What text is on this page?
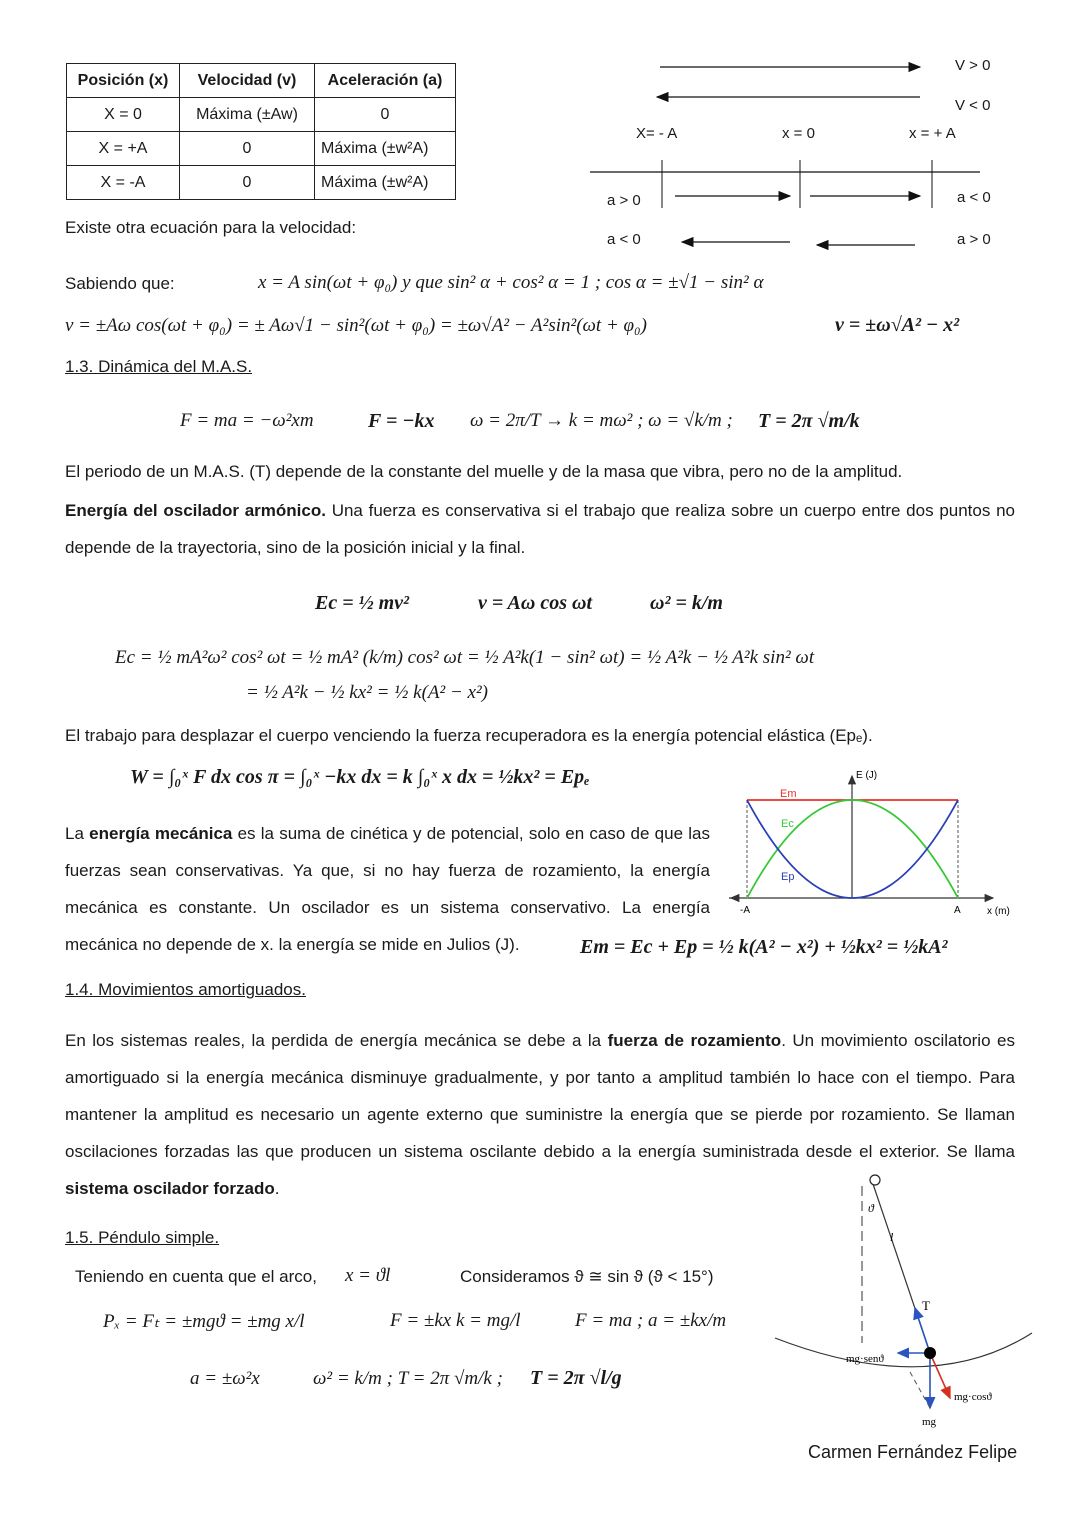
Posición (x)	Velocidad (v)	Aceleración (a)
X = 0	Máxima (±Aw)	0
X = +A	0	Máxima (±w²A)
X = -A	0	Máxima (±w²A)
Existe otra ecuación para la velocidad:
V > 0
V < 0
X= - A	x = 0	x = + A
a > 0
a < 0
a < 0
a > 0
Sabiendo que:	x = A sin(ωt + φ₀) y que sin² α + cos² α = 1 ; cos α = ±√1 − sin² α
v = ±Aω cos(ωt + φ₀) = ± Aω√1 − sin²(ωt + φ₀) = ±ω√A² − A²sin²(ωt + φ₀)	v = ±ω√A² − x²
1.3. Dinámica del M.A.S.
F = ma = −ω²xm	F = −kx ω = 2π/T → k = mω² ; ω = √k/m ; T = 2π √m/k
El periodo de un M.A.S. (T) depende de la constante del muelle y de la masa que vibra, pero no de la amplitud.
Energía del oscilador armónico. Una fuerza es conservativa si el trabajo que realiza sobre un cuerpo entre dos puntos no depende de la trayectoria, sino de la posición inicial y la final.
Ec = ½ mv²	v = Aω cos ωt	ω² = k/m
Ec = ½ mA²ω² cos² ωt = ½ mA² (k/m) cos² ωt = ½ A²k(1 − sin² ωt) = ½ A²k − ½ A²k sin² ωt
= ½ A²k − ½ kx² = ½ k(A² − x²)
El trabajo para desplazar el cuerpo venciendo la fuerza recuperadora es la energía potencial elástica (Epₑ).
W = ∫₀ˣ F dx cos π = ∫₀ˣ −kx dx = k ∫₀ˣ x dx = ½kx² = Epₑ
La energía mecánica es la suma de cinética y de potencial, solo en caso de que las fuerzas sean conservativas. Ya que, si no hay fuerza de rozamiento, la energía mecánica es constante. Un oscilador es un sistema conservativo. La energía mecánica no depende de x. la energía se mide en Julios (J).	Em = Ec + Ep = ½ k(A² − x²) + ½kx² = ½kA²
E (J)
x (m)
-A	A
Em
Ec
Ep
1.4. Movimientos amortiguados.
En los sistemas reales, la perdida de energía mecánica se debe a la fuerza de rozamiento. Un movimiento oscilatorio es amortiguado si la energía mecánica disminuye gradualmente, y por tanto a amplitud también lo hace con el tiempo. Para mantener la amplitud es necesario un agente externo que suministre la energía que se pierde por rozamiento. Se llaman oscilaciones forzadas las que producen un sistema oscilante debido a la energía suministrada desde el exterior. Se llama sistema oscilador forzado.
1.5. Péndulo simple.
Teniendo en cuenta que el arco, x = ϑl	Consideramos ϑ ≅ sin ϑ (ϑ < 15°)
Pₓ = Fₜ = ±mgϑ = ±mg x/l	F = ±kx k = mg/l	F = ma ; a = ±kx/m
a = ±ω²x	ω² = k/m ; T = 2π √m/k ; T = 2π √l/g
ϑ
l
T
mg·senϑ
mg·cosϑ
mg
Carmen Fernández Felipe
